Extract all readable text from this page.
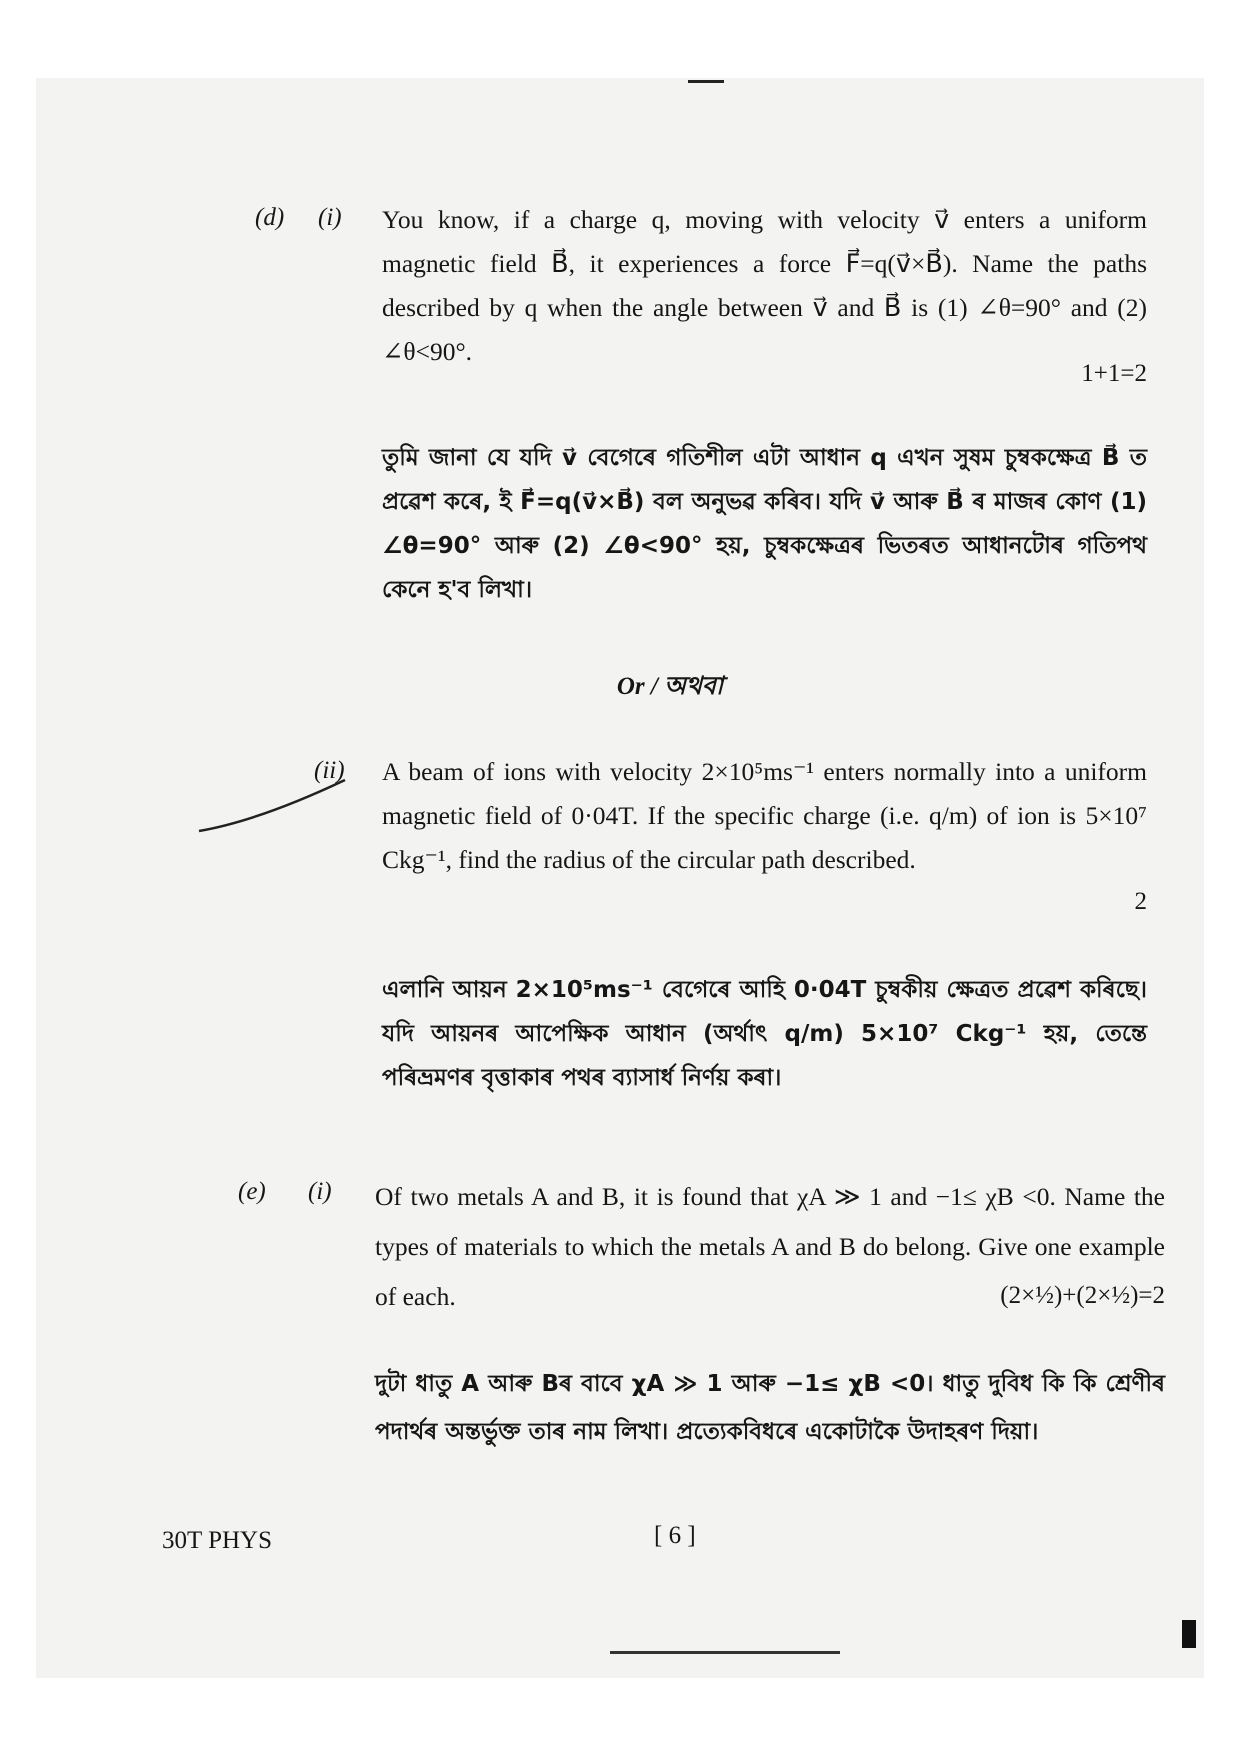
(d) (i) You know, if a charge q, moving with velocity v⃗ enters a uniform magnetic field B⃗, it experiences a force F⃗=q(v⃗×B⃗). Name the paths described by q when the angle between v⃗ and B⃗ is (1) ∠θ=90° and (2) ∠θ<90°.
1+1=2
তুমি জানা যে যদি v⃗ বেগেৰে গতিশীল এটা আধান q এখন সুষম চুম্বকক্ষেত্ৰ B⃗ ত প্ৰৱেশ কৰে, ই F⃗=q(v⃗×B⃗) বল অনুভৱ কৰিব। যদি v⃗ আৰু B⃗ ৰ মাজৰ কোণ (1) ∠θ=90° আৰু (2) ∠θ<90° হয়, চুম্বকক্ষেত্ৰৰ ভিতৰত আধানটোৰ গতিপথ কেনে হ'ব লিখা।
Or / অথবা
(ii) A beam of ions with velocity 2×10⁵ms⁻¹ enters normally into a uniform magnetic field of 0·04T. If the specific charge (i.e. q/m) of ion is 5×10⁷ Ckg⁻¹, find the radius of the circular path described.
2
এলানি আয়ন 2×10⁵ms⁻¹ বেগেৰে আহি 0·04T চুম্বকীয় ক্ষেত্ৰত প্ৰৱেশ কৰিছে। যদি আয়নৰ আপেক্ষিক আধান (অৰ্থাৎ q/m) 5×10⁷ Ckg⁻¹ হয়, তেন্তে পৰিভ্ৰমণৰ বৃত্তাকাৰ পথৰ ব্যাসাৰ্ধ নিৰ্ণয় কৰা।
(e) (i) Of two metals A and B, it is found that χA ≫ 1 and −1≤ χB <0. Name the types of materials to which the metals A and B do belong. Give one example of each.	(2×½)+(2×½)=2
দুটা ধাতু A আৰু Bৰ বাবে χA ≫ 1 আৰু −1≤ χB <0। ধাতু দুবিধ কি কি শ্ৰেণীৰ পদাৰ্থৰ অন্তৰ্ভুক্ত তাৰ নাম লিখা। প্ৰত্যেকবিধৰে একোটাকৈ উদাহৰণ দিয়া।
30T PHYS	[ 6 ]
